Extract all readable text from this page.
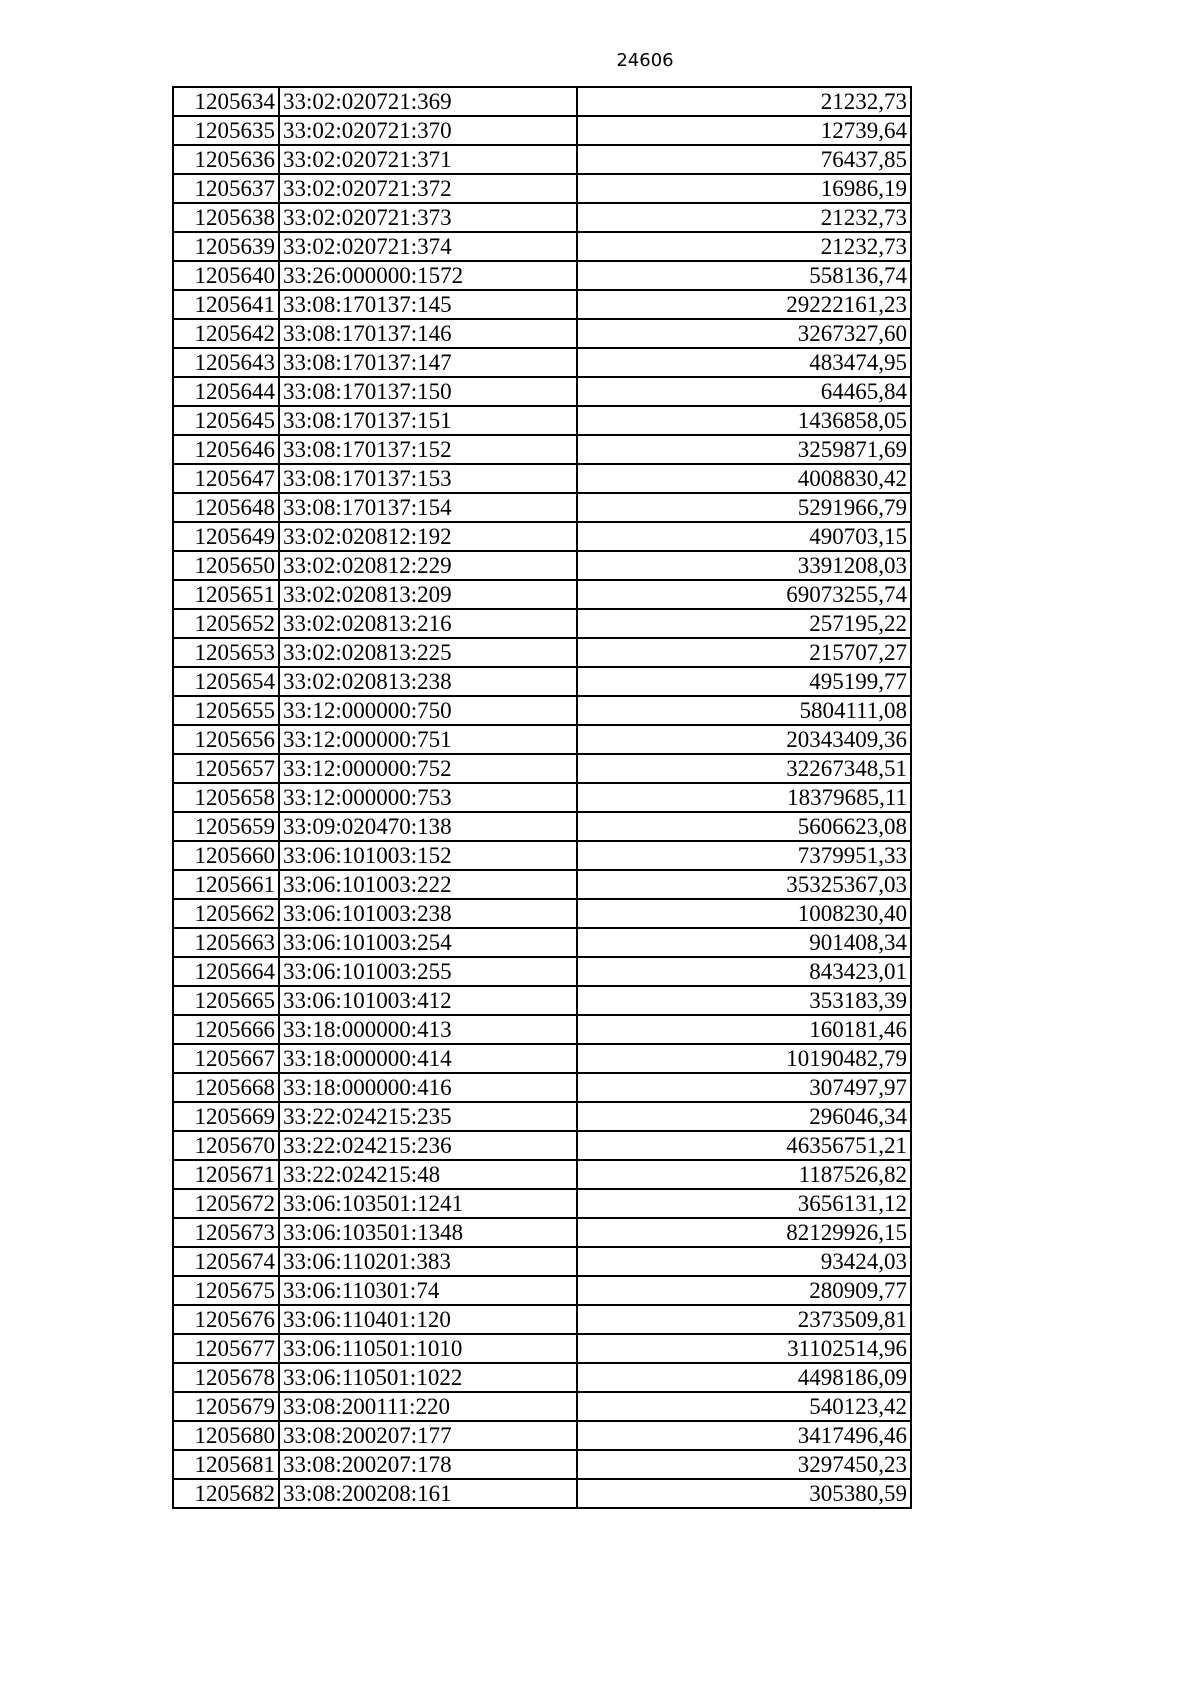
24606
1205634	33:02:020721:369	21232,73
1205635	33:02:020721:370	12739,64
1205636	33:02:020721:371	76437,85
1205637	33:02:020721:372	16986,19
1205638	33:02:020721:373	21232,73
1205639	33:02:020721:374	21232,73
1205640	33:26:000000:1572	558136,74
1205641	33:08:170137:145	29222161,23
1205642	33:08:170137:146	3267327,60
1205643	33:08:170137:147	483474,95
1205644	33:08:170137:150	64465,84
1205645	33:08:170137:151	1436858,05
1205646	33:08:170137:152	3259871,69
1205647	33:08:170137:153	4008830,42
1205648	33:08:170137:154	5291966,79
1205649	33:02:020812:192	490703,15
1205650	33:02:020812:229	3391208,03
1205651	33:02:020813:209	69073255,74
1205652	33:02:020813:216	257195,22
1205653	33:02:020813:225	215707,27
1205654	33:02:020813:238	495199,77
1205655	33:12:000000:750	5804111,08
1205656	33:12:000000:751	20343409,36
1205657	33:12:000000:752	32267348,51
1205658	33:12:000000:753	18379685,11
1205659	33:09:020470:138	5606623,08
1205660	33:06:101003:152	7379951,33
1205661	33:06:101003:222	35325367,03
1205662	33:06:101003:238	1008230,40
1205663	33:06:101003:254	901408,34
1205664	33:06:101003:255	843423,01
1205665	33:06:101003:412	353183,39
1205666	33:18:000000:413	160181,46
1205667	33:18:000000:414	10190482,79
1205668	33:18:000000:416	307497,97
1205669	33:22:024215:235	296046,34
1205670	33:22:024215:236	46356751,21
1205671	33:22:024215:48	1187526,82
1205672	33:06:103501:1241	3656131,12
1205673	33:06:103501:1348	82129926,15
1205674	33:06:110201:383	93424,03
1205675	33:06:110301:74	280909,77
1205676	33:06:110401:120	2373509,81
1205677	33:06:110501:1010	31102514,96
1205678	33:06:110501:1022	4498186,09
1205679	33:08:200111:220	540123,42
1205680	33:08:200207:177	3417496,46
1205681	33:08:200207:178	3297450,23
1205682	33:08:200208:161	305380,59
